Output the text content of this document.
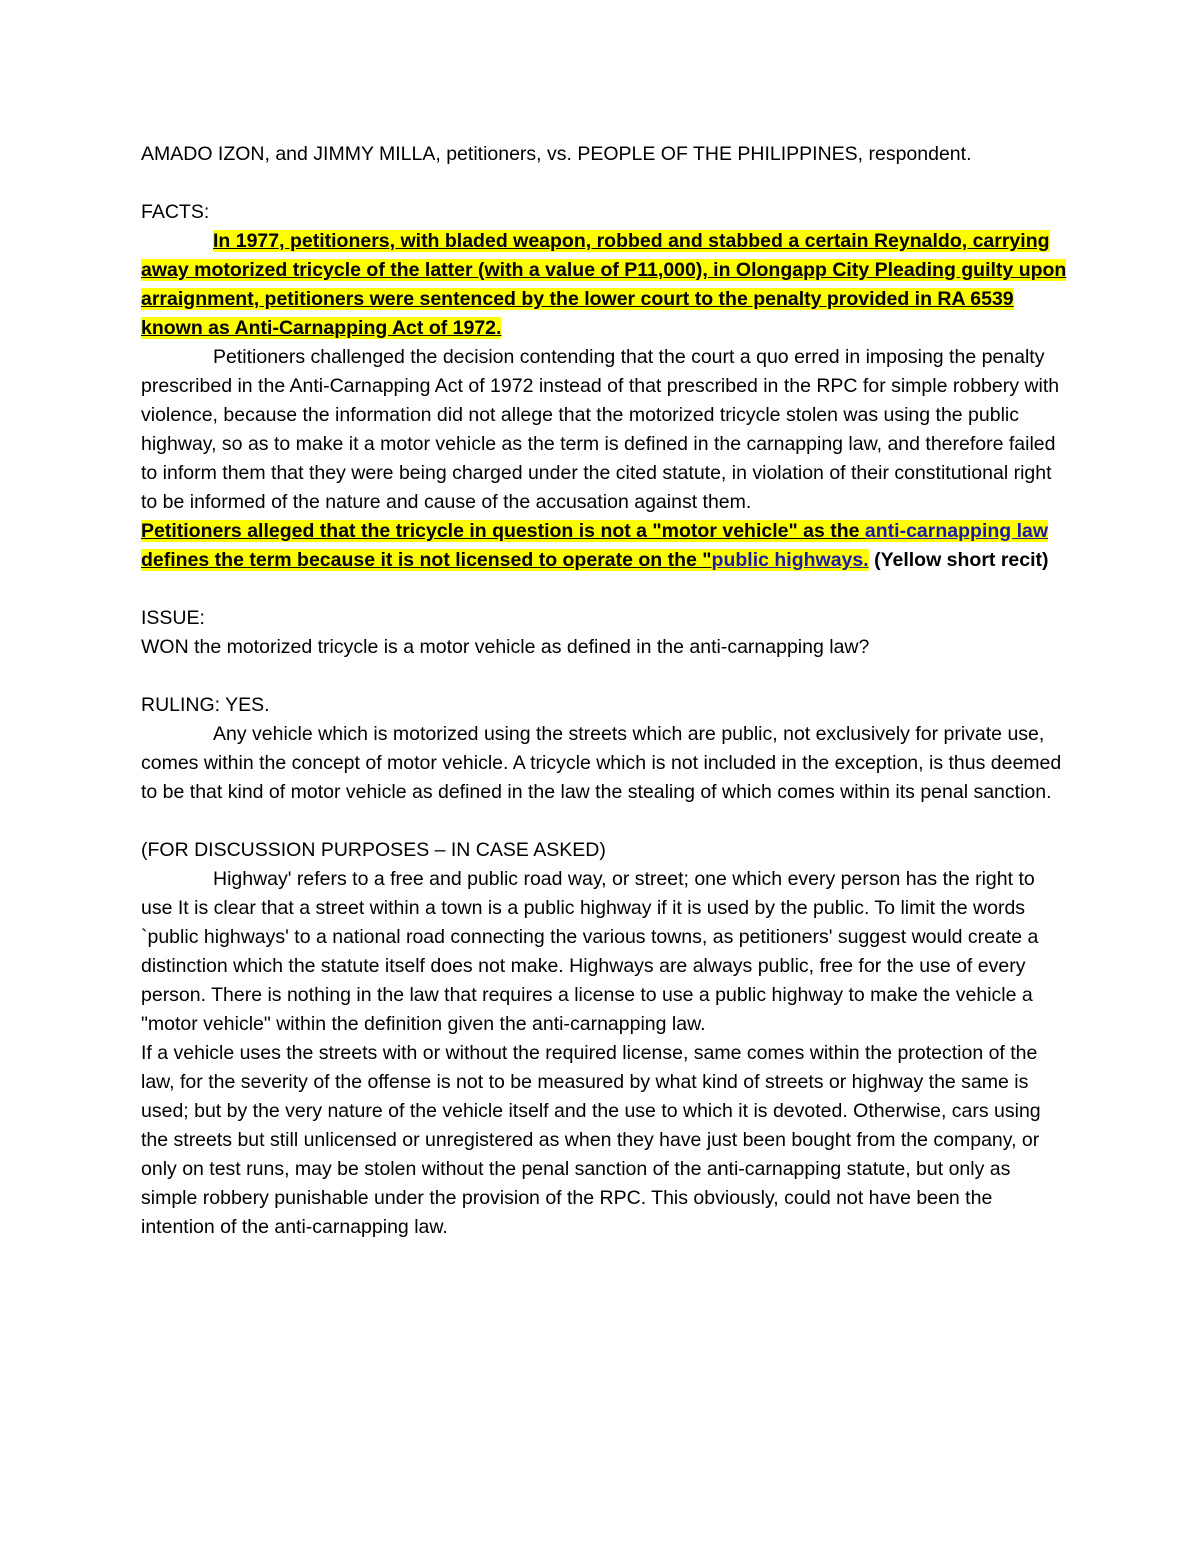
AMADO IZON, and JIMMY MILLA, petitioners, vs. PEOPLE OF THE PHILIPPINES, respondent.

FACTS:

In 1977, petitioners, with bladed weapon, robbed and stabbed a certain Reynaldo, carrying away motorized tricycle of the latter (with a value of P11,000), in Olongapp City Pleading guilty upon arraignment, petitioners were sentenced by the lower court to the penalty provided in RA 6539 known as Anti-Carnapping Act of 1972.

Petitioners challenged the decision contending that the court a quo erred in imposing the penalty prescribed in the Anti-Carnapping Act of 1972 instead of that prescribed in the RPC for simple robbery with violence, because the information did not allege that the motorized tricycle stolen was using the public highway, so as to make it a motor vehicle as the term is defined in the carnapping law, and therefore failed to inform them that they were being charged under the cited statute, in violation of their constitutional right to be informed of the nature and cause of the accusation against them.

Petitioners alleged that the tricycle in question is not a "motor vehicle" as the anti-carnapping law defines the term because it is not licensed to operate on the "public highways. (Yellow short recit)

ISSUE:

WON the motorized tricycle is a motor vehicle as defined in the anti-carnapping law?

RULING: YES.

Any vehicle which is motorized using the streets which are public, not exclusively for private use, comes within the concept of motor vehicle. A tricycle which is not included in the exception, is thus deemed to be that kind of motor vehicle as defined in the law the stealing of which comes within its penal sanction.

(FOR DISCUSSION PURPOSES – IN CASE ASKED)

Highway' refers to a free and public road way, or street; one which every person has the right to use It is clear that a street within a town is a public highway if it is used by the public. To limit the words `public highways' to a national road connecting the various towns, as petitioners' suggest would create a distinction which the statute itself does not make. Highways are always public, free for the use of every person. There is nothing in the law that requires a license to use a public highway to make the vehicle a "motor vehicle" within the definition given the anti-carnapping law.

If a vehicle uses the streets with or without the required license, same comes within the protection of the law, for the severity of the offense is not to be measured by what kind of streets or highway the same is used; but by the very nature of the vehicle itself and the use to which it is devoted. Otherwise, cars using the streets but still unlicensed or unregistered as when they have just been bought from the company, or only on test runs, may be stolen without the penal sanction of the anti-carnapping statute, but only as simple robbery punishable under the provision of the RPC. This obviously, could not have been the intention of the anti-carnapping law.
